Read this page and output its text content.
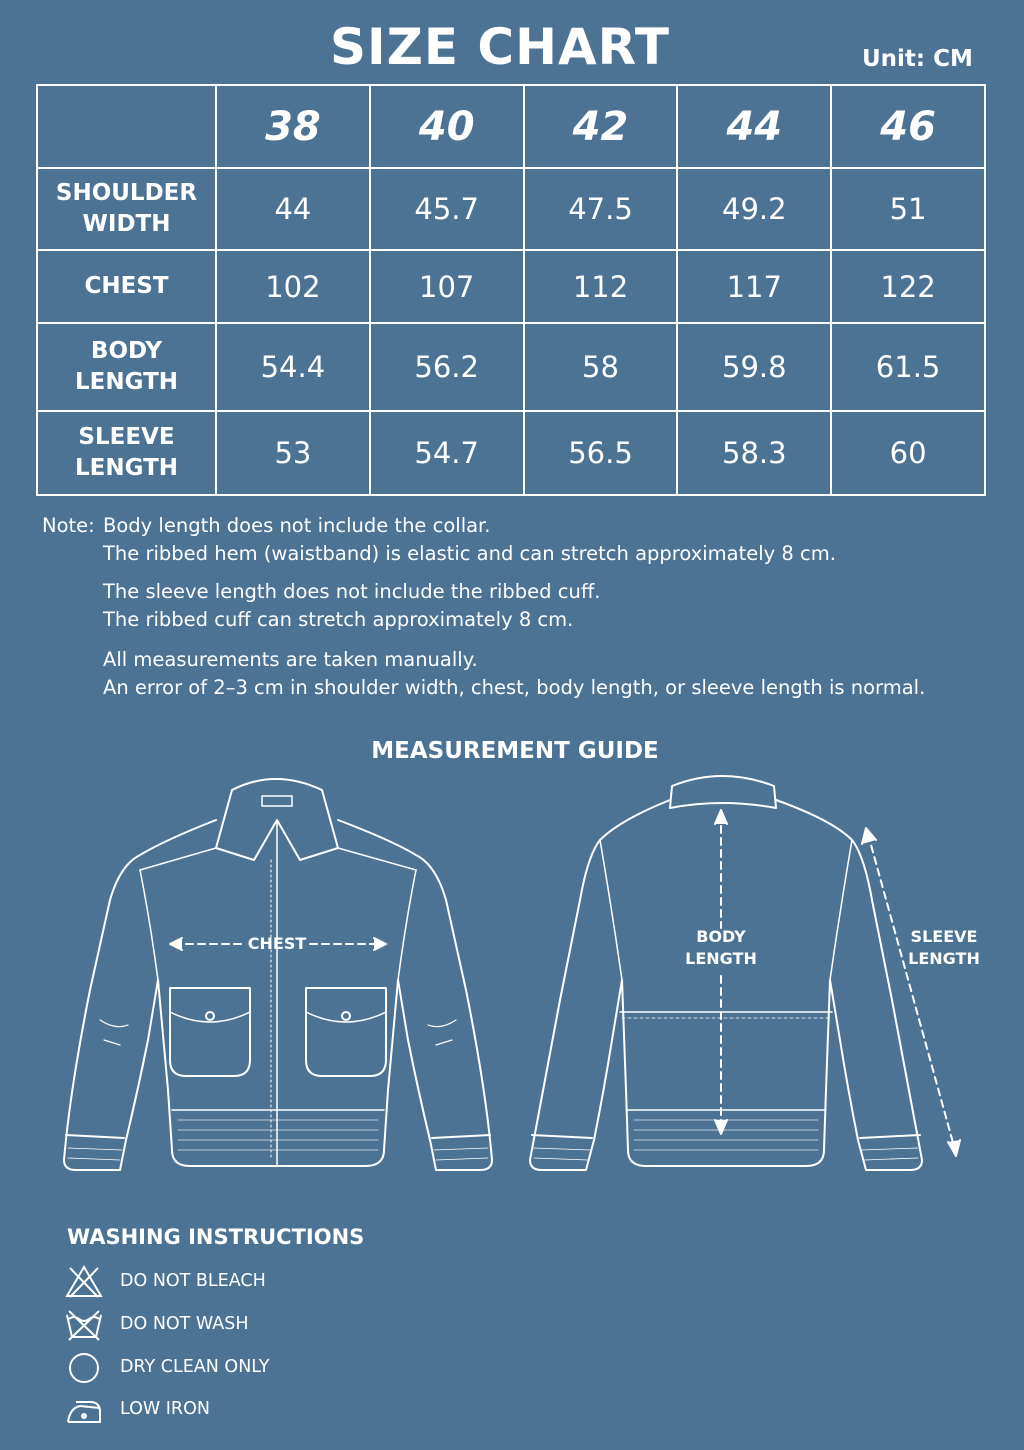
SIZE CHART	Unit: CM
	38	40	42	44	46
SHOULDER
WIDTH	44	45.7	47.5	49.2	51
CHEST	102	107	112	117	122
BODY
LENGTH	54.4	56.2	58	59.8	61.5
SLEEVE
LENGTH	53	54.7	56.5	58.3	60
Note: Body length does not include the collar.
The ribbed hem (waistband) is elastic and can stretch approximately 8 cm.
The sleeve length does not include the ribbed cuff.
The ribbed cuff can stretch approximately 8 cm.
All measurements are taken manually.
An error of 2–3 cm in shoulder width, chest, body length, or sleeve length is normal.
MEASUREMENT GUIDE
CHEST	BODY
LENGTH
SLEEVE
LENGTH
WASHING INSTRUCTIONS
DO NOT BLEACH
DO NOT WASH
DRY CLEAN ONLY
LOW IRON
